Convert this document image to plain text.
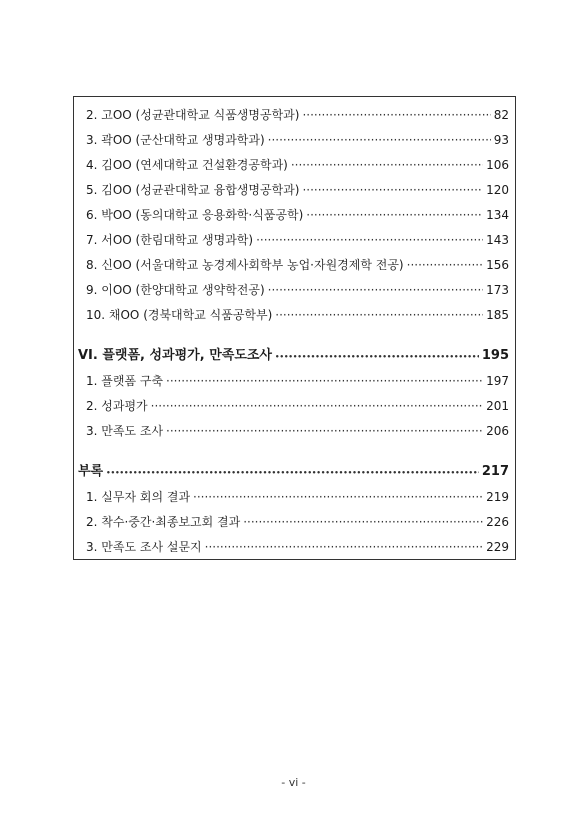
2. 고OO (성균관대학교 식품생명공학과) ·····	82
3. 곽OO (군산대학교 생명과학과) ·····	93
4. 김OO (연세대학교 건설환경공학과) ·····	106
5. 김OO (성균관대학교 융합생명공학과) ·····	120
6. 박OO (동의대학교 응용화학·식품공학) ·····	134
7. 서OO (한림대학교 생명과학) ·····	143
8. 신OO (서울대학교 농경제사회학부 농업·자원경제학 전공) ·····	156
9. 이OO (한양대학교 생약학전공) ·····	173
10. 채OO (경북대학교 식품공학부) ·····	185
VI. 플랫폼, 성과평가, 만족도조사 •••••	195
1. 플랫폼 구축 ·····	197
2. 성과평가 ·····	201
3. 만족도 조사 ·····	206
부록 •••••	217
1. 실무자 회의 결과 ·····	219
2. 착수·중간·최종보고회 결과 ·····	226
3. 만족도 조사 설문지 ·····	229
- vi -
